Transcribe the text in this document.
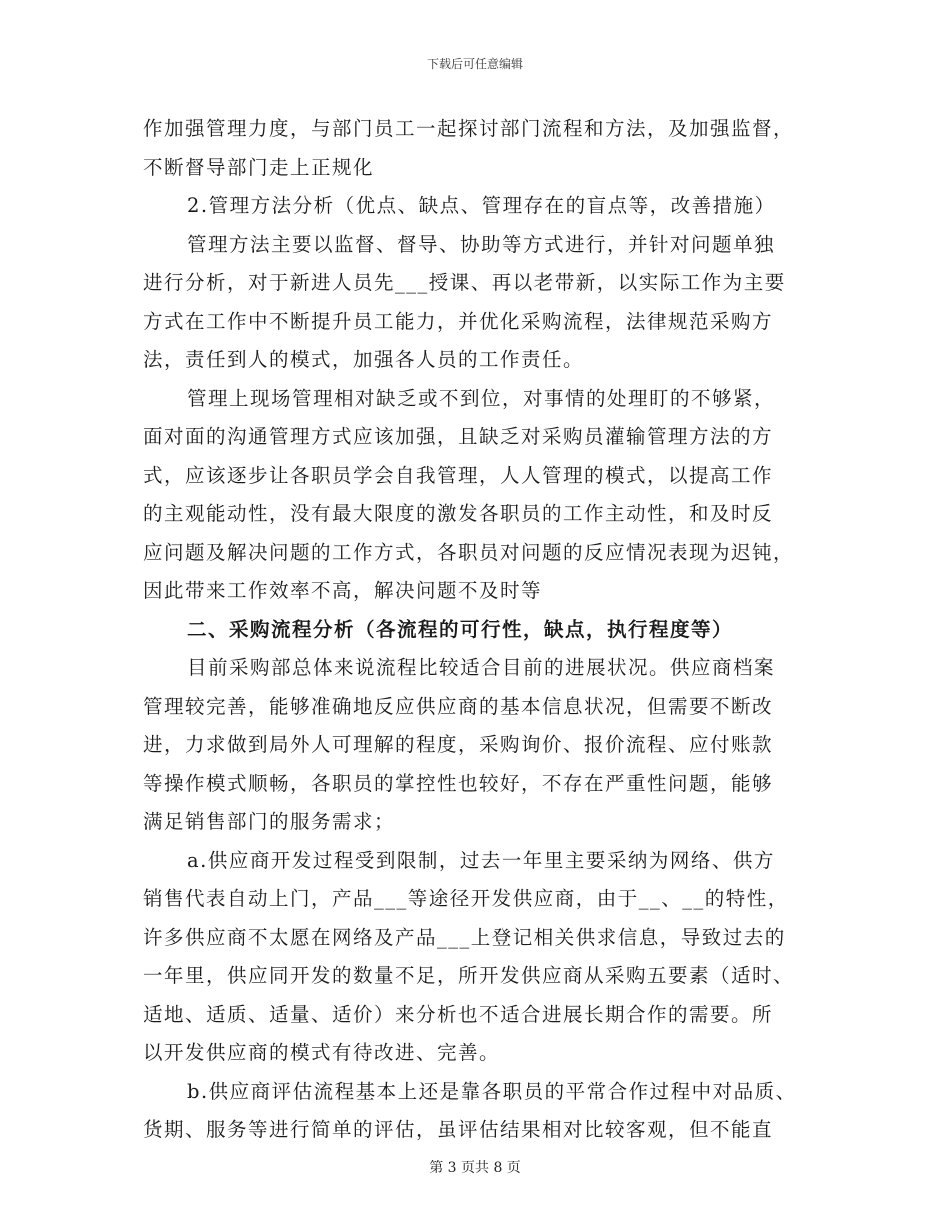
下载后可任意编辑
作加强管理力度，与部门员工一起探讨部门流程和方法，及加强监督，
不断督导部门走上正规化
2.管理方法分析（优点、缺点、管理存在的盲点等，改善措施）
管理方法主要以监督、督导、协助等方式进行，并针对问题单独
进行分析，对于新进人员先___授课、再以老带新，以实际工作为主要
方式在工作中不断提升员工能力，并优化采购流程，法律规范采购方
法，责任到人的模式，加强各人员的工作责任。
管理上现场管理相对缺乏或不到位，对事情的处理盯的不够紧，
面对面的沟通管理方式应该加强，且缺乏对采购员灌输管理方法的方
式，应该逐步让各职员学会自我管理，人人管理的模式，以提高工作
的主观能动性，没有最大限度的激发各职员的工作主动性，和及时反
应问题及解决问题的工作方式，各职员对问题的反应情况表现为迟钝，
因此带来工作效率不高，解决问题不及时等
二、采购流程分析（各流程的可行性，缺点，执行程度等）
目前采购部总体来说流程比较适合目前的进展状况。供应商档案
管理较完善，能够准确地反应供应商的基本信息状况，但需要不断改
进，力求做到局外人可理解的程度，采购询价、报价流程、应付账款
等操作模式顺畅，各职员的掌控性也较好，不存在严重性问题，能够
满足销售部门的服务需求；
a.供应商开发过程受到限制，过去一年里主要采纳为网络、供方
销售代表自动上门，产品___等途径开发供应商，由于__、__的特性，
许多供应商不太愿在网络及产品___上登记相关供求信息，导致过去的
一年里，供应同开发的数量不足，所开发供应商从采购五要素（适时、
适地、适质、适量、适价）来分析也不适合进展长期合作的需要。所
以开发供应商的模式有待改进、完善。
b.供应商评估流程基本上还是靠各职员的平常合作过程中对品质、
货期、服务等进行简单的评估，虽评估结果相对比较客观，但不能直
第 3 页共 8 页
